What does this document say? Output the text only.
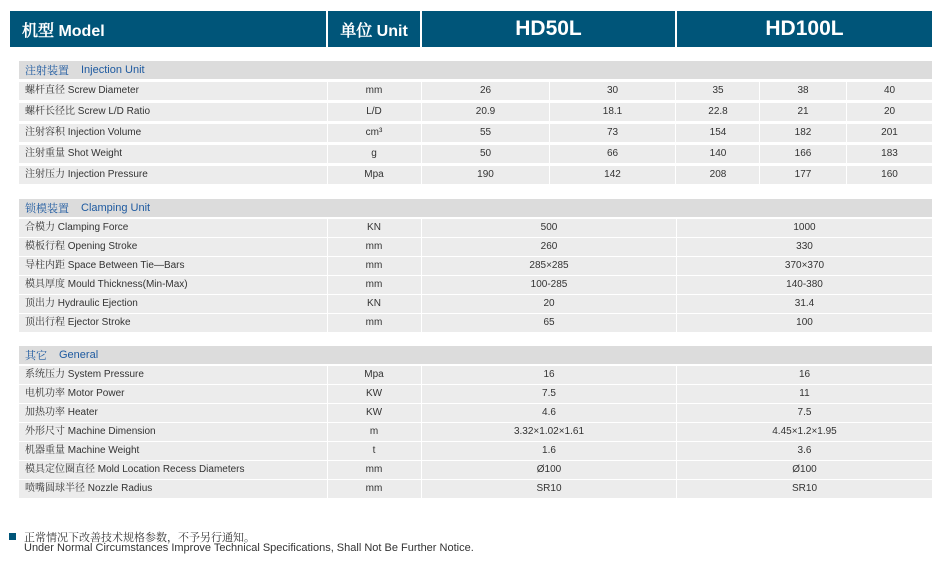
机型 Model	单位 Unit	HD50L	HD100L
注射装置 Injection Unit
螺杆直径 Screw Diameter	mm	26	30	35	38	40
螺杆长径比 Screw L/D Ratio	L/D	20.9	18.1	22.8	21	20
注射容积 Injection Volume	cm³	55	73	154	182	201
注射重量 Shot Weight	g	50	66	140	166	183
注射压力 Injection Pressure	Mpa	190	142	208	177	160
锁模装置 Clamping Unit
合模力 Clamping Force	KN	500	1000
模板行程 Opening Stroke	mm	260	330
导柱内距 Space Between Tie—Bars	mm	285×285	370×370
模具厚度 Mould Thickness(Min-Max)	mm	100-285	140-380
顶出力 Hydraulic Ejection	KN	20	31.4
顶出行程 Ejector Stroke	mm	65	100
其它 General
系统压力 System Pressure	Mpa	16	16
电机功率 Motor Power	KW	7.5	11
加热功率 Heater	KW	4.6	7.5
外形尺寸 Machine Dimension	m	3.32×1.02×1.61	4.45×1.2×1.95
机器重量 Machine Weight	t	1.6	3.6
模具定位圈直径 Mold Location Recess Diameters	mm	Ø100	Ø100
喷嘴圆球半径 Nozzle Radius	mm	SR10	SR10
正常情况下改善技术规格参数，不予另行通知。
Under Normal Circumstances Improve Technical Specifications, Shall Not Be Further Notice.
